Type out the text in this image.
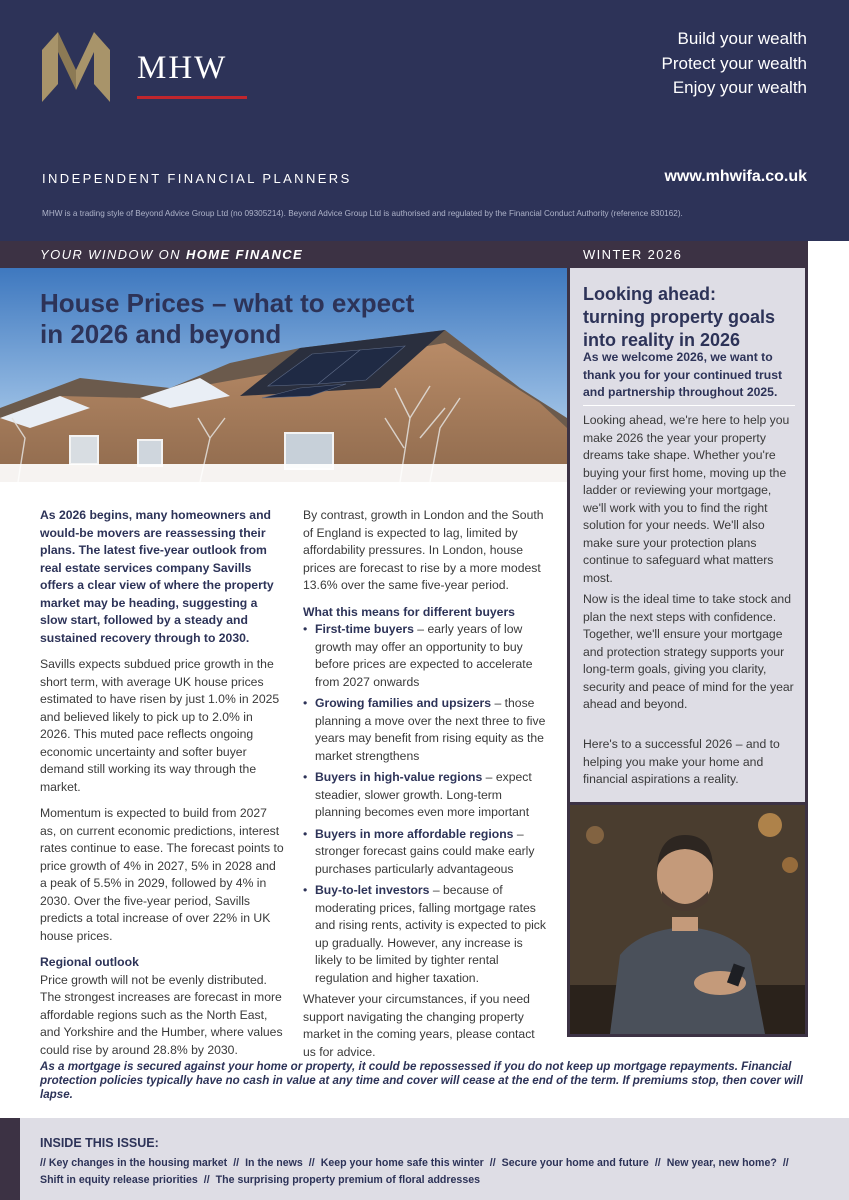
MHW
Build your wealth
Protect your wealth
Enjoy your wealth
INDEPENDENT FINANCIAL PLANNERS	www.mhwifa.co.uk
MHW is a trading style of Beyond Advice Group Ltd (no 09305214). Beyond Advice Group Ltd is authorised and regulated by the Financial Conduct Authority (reference 830162).
YOUR WINDOW ON HOME FINANCE	WINTER 2026
House Prices – what to expect
in 2026 and beyond
Looking ahead:
turning property goals
into reality in 2026
As we welcome 2026, we want to thank you for your continued trust and partnership throughout 2025.
Looking ahead, we're here to help you make 2026 the year your property dreams take shape. Whether you're buying your first home, moving up the ladder or reviewing your mortgage, we'll work with you to find the right solution for your needs. We'll also make sure your protection plans continue to safeguard what matters most.
Now is the ideal time to take stock and plan the next steps with confidence. Together, we'll ensure your mortgage and protection strategy supports your long-term goals, giving you clarity, security and peace of mind for the year ahead and beyond.
Here's to a successful 2026 – and to helping you make your home and financial aspirations a reality.

As 2026 begins, many homeowners and would-be movers are reassessing their plans. The latest five-year outlook from real estate services company Savills offers a clear view of where the property market may be heading, suggesting a slow start, followed by a steady and sustained recovery through to 2030.

Savills expects subdued price growth in the short term, with average UK house prices estimated to have risen by just 1.0% in 2025 and believed likely to pick up to 2.0% in 2026. This muted pace reflects ongoing economic uncertainty and softer buyer demand still working its way through the market.

Momentum is expected to build from 2027 as, on current economic predictions, interest rates continue to ease. The forecast points to price growth of 4% in 2027, 5% in 2028 and a peak of 5.5% in 2029, followed by 4% in 2030. Over the five-year period, Savills predicts a total increase of over 22% in UK house prices.

Regional outlook

Price growth will not be evenly distributed. The strongest increases are forecast in more affordable regions such as the North East, and Yorkshire and the Humber, where values could rise by around 28.8% by 2030.

By contrast, growth in London and the South of England is expected to lag, limited by affordability pressures. In London, house prices are forecast to rise by a more modest 13.6% over the same five-year period.

What this means for different buyers
• First-time buyers – early years of low growth may offer an opportunity to buy before prices are expected to accelerate from 2027 onwards
• Growing families and upsizers – those planning a move over the next three to five years may benefit from rising equity as the market strengthens
• Buyers in high-value regions – expect steadier, slower growth. Long-term planning becomes even more important
• Buyers in more affordable regions – stronger forecast gains could make early purchases particularly advantageous
• Buy-to-let investors – because of moderating prices, falling mortgage rates and rising rents, activity is expected to pick up gradually. However, any increase is likely to be limited by tighter rental regulation and higher taxation.

Whatever your circumstances, if you need support navigating the changing property market in the coming years, please contact us for advice.

As a mortgage is secured against your home or property, it could be repossessed if you do not keep up mortgage repayments. Financial protection policies typically have no cash in value at any time and cover will cease at the end of the term. If premiums stop, then cover will lapse.
INSIDE THIS ISSUE:
// Key changes in the housing market // In the news // Keep your home safe this winter // Secure your home and future // New year, new home? //
Shift in equity release priorities // The surprising property premium of floral addresses
